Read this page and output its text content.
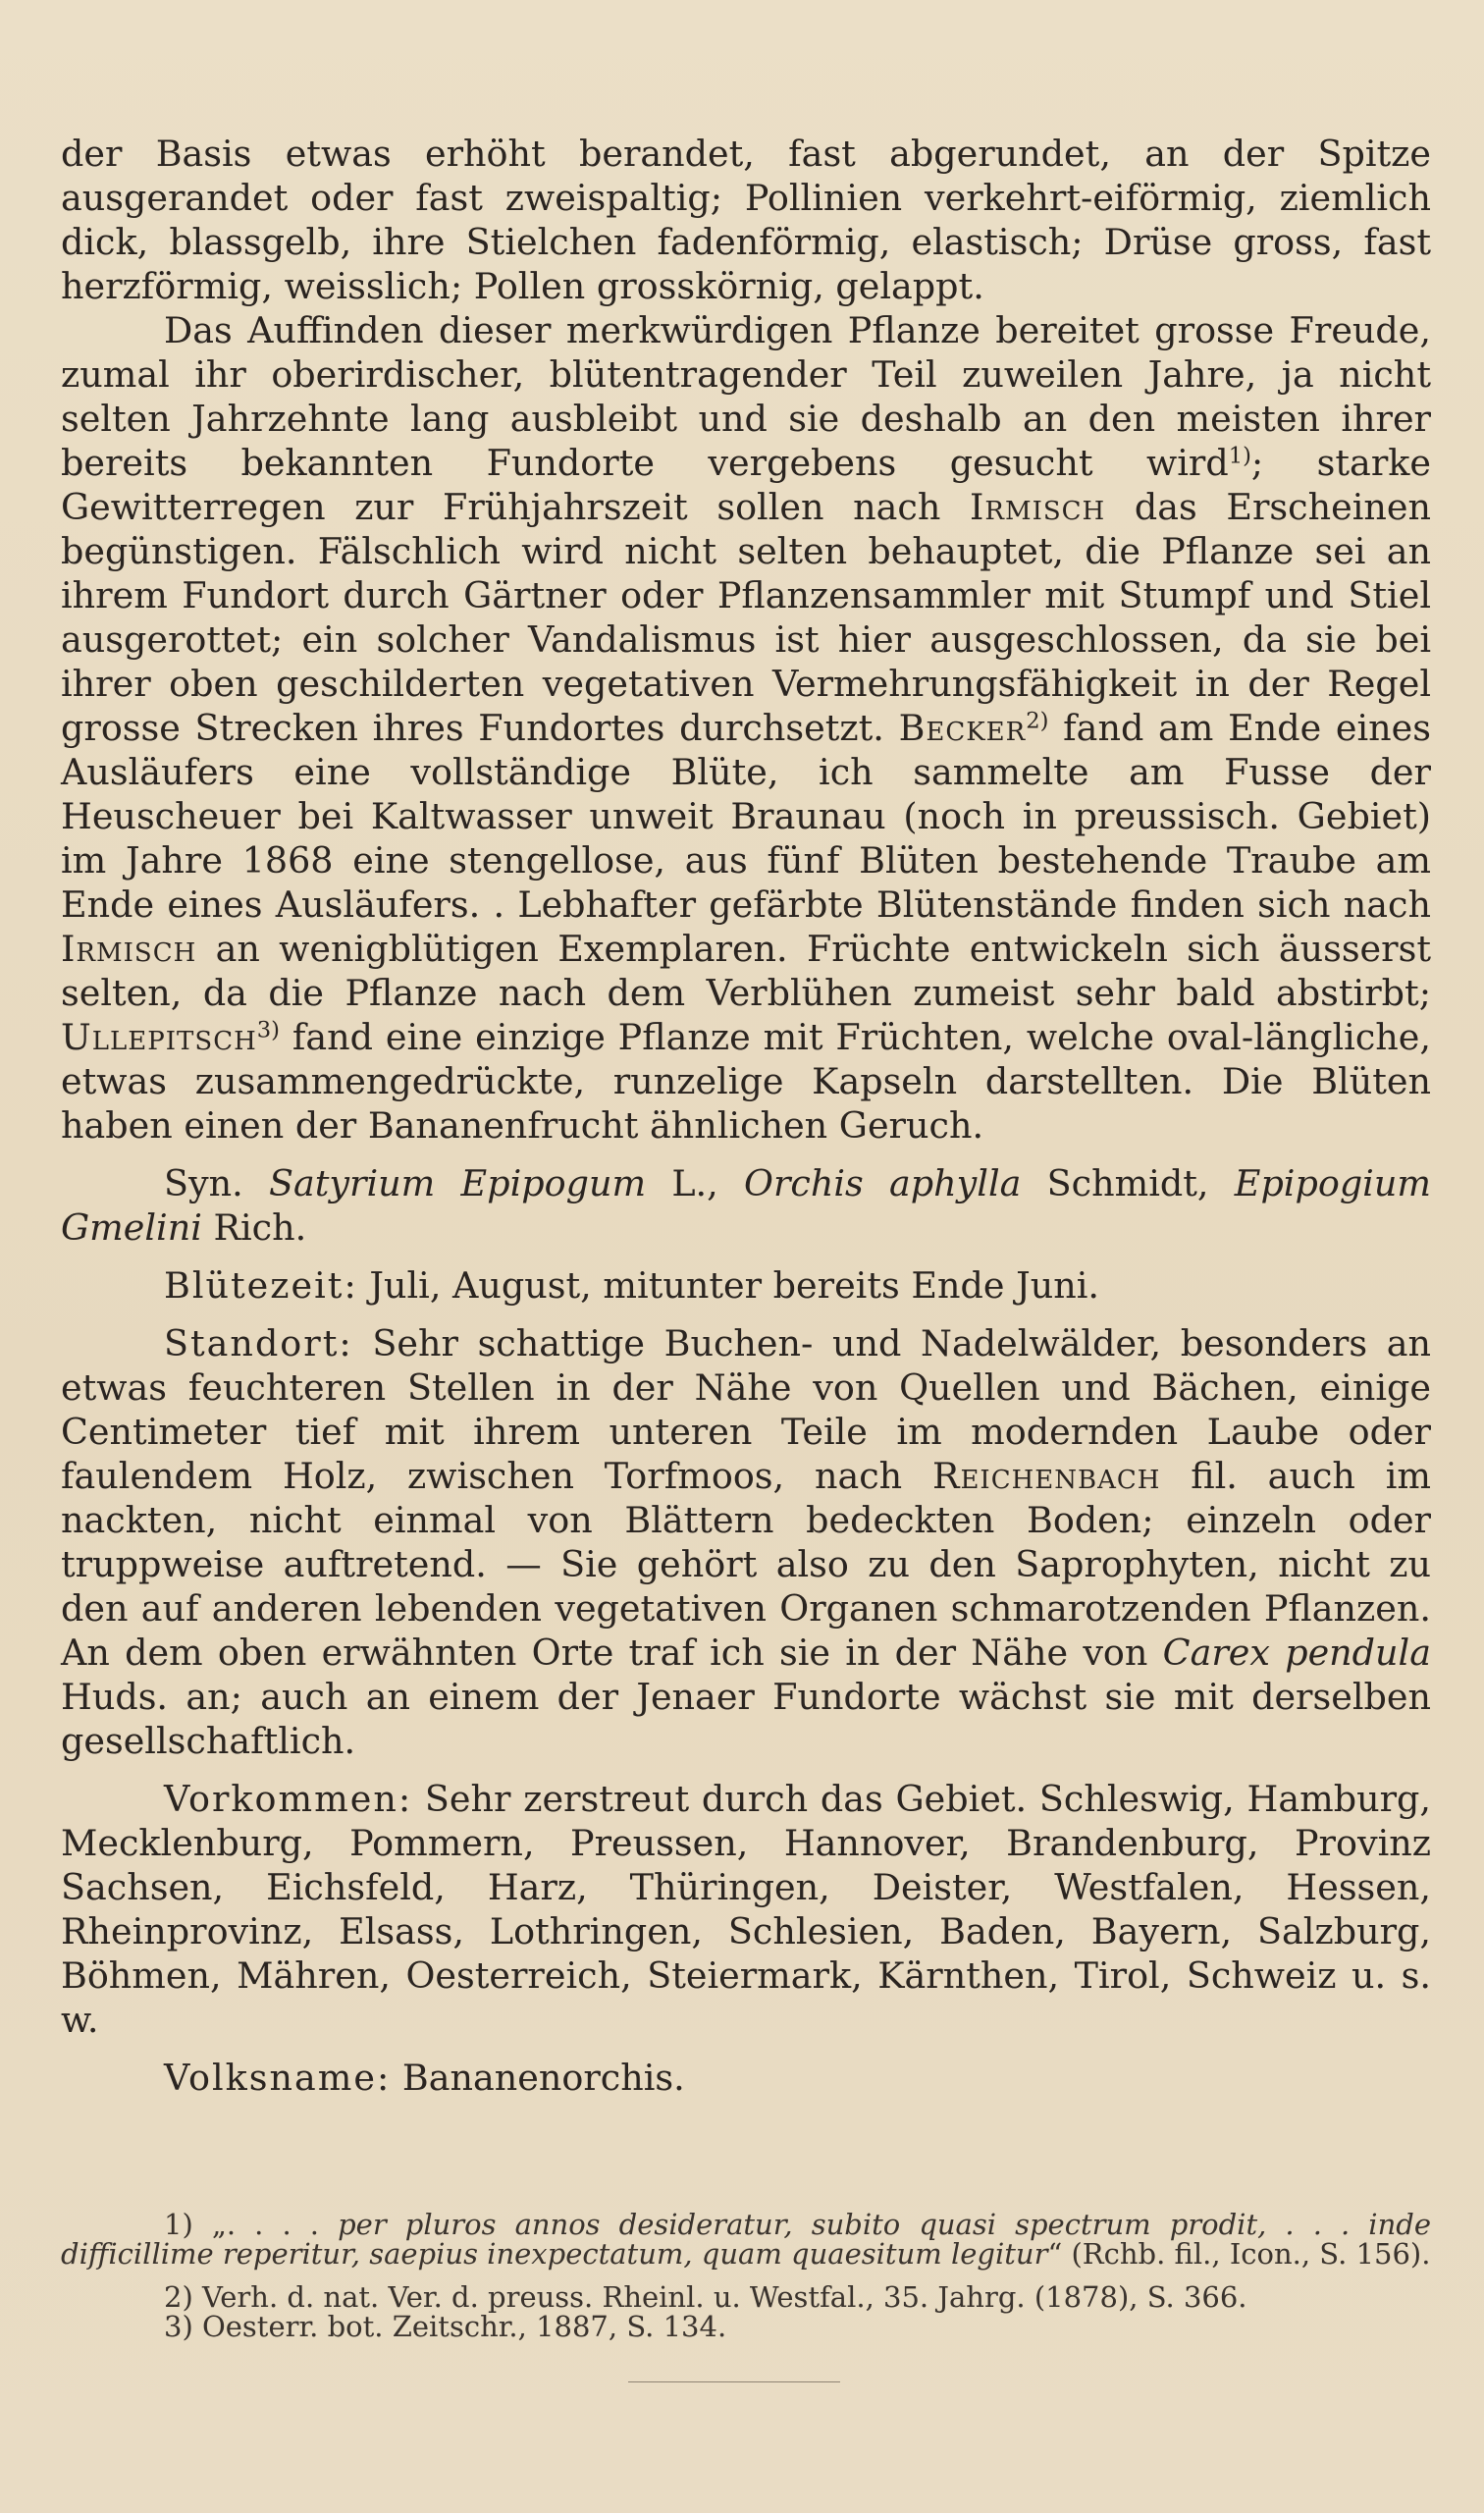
der Basis etwas erhöht berandet, fast abgerundet, an der Spitze ausgerandet oder fast zweispaltig; Pollinien verkehrt-eiförmig, ziemlich dick, blassgelb, ihre Stielchen fadenförmig, elastisch; Drüse gross, fast herzförmig, weisslich; Pollen grosskörnig, gelappt.

Das Auffinden dieser merkwürdigen Pflanze bereitet grosse Freude, zumal ihr oberirdischer, blütentragender Teil zuweilen Jahre, ja nicht selten Jahrzehnte lang ausbleibt und sie deshalb an den meisten ihrer bereits bekannten Fundorte vergebens gesucht wird$^{1)}$; starke Gewitterregen zur Frühjahrszeit sollen nach Irmisch das Erscheinen begünstigen. Fälschlich wird nicht selten behauptet, die Pflanze sei an ihrem Fundort durch Gärtner oder Pflanzensammler mit Stumpf und Stiel ausgerottet; ein solcher Vandalismus ist hier ausgeschlossen, da sie bei ihrer oben geschilderten vegetativen Vermehrungsfähigkeit in der Regel grosse Strecken ihres Fundortes durchsetzt. Becker$^{2)}$ fand am Ende eines Ausläufers eine vollständige Blüte, ich sammelte am Fusse der Heuscheuer bei Kaltwasser unweit Braunau (noch in preussisch. Gebiet) im Jahre 1868 eine stengellose, aus fünf Blüten bestehende Traube am Ende eines Ausläufers. . Lebhafter gefärbte Blütenstände finden sich nach Irmisch an wenigblütigen Exemplaren. Früchte entwickeln sich äusserst selten, da die Pflanze nach dem Verblühen zumeist sehr bald abstirbt; Ullepitsch$^{3)}$ fand eine einzige Pflanze mit Früchten, welche oval-längliche, etwas zusammengedrückte, runzelige Kapseln darstellten. Die Blüten haben einen der Bananenfrucht ähnlichen Geruch.

Syn. Satyrium Epipogum L., Orchis aphylla Schmidt, Epipogium Gmelini Rich.

Blütezeit: Juli, August, mitunter bereits Ende Juni.

Standort: Sehr schattige Buchen- und Nadelwälder, besonders an etwas feuchteren Stellen in der Nähe von Quellen und Bächen, einige Centimeter tief mit ihrem unteren Teile im modernden Laube oder faulendem Holz, zwischen Torfmoos, nach Reichenbach fil. auch im nackten, nicht einmal von Blättern bedeckten Boden; einzeln oder truppweise auftretend. — Sie gehört also zu den Saprophyten, nicht zu den auf anderen lebenden vegetativen Organen schmarotzenden Pflanzen. An dem oben erwähnten Orte traf ich sie in der Nähe von Carex pendula Huds. an; auch an einem der Jenaer Fundorte wächst sie mit derselben gesellschaftlich.

Vorkommen: Sehr zerstreut durch das Gebiet. Schleswig, Hamburg, Mecklenburg, Pommern, Preussen, Hannover, Brandenburg, Provinz Sachsen, Eichsfeld, Harz, Thüringen, Deister, Westfalen, Hessen, Rheinprovinz, Elsass, Lothringen, Schlesien, Baden, Bayern, Salzburg, Böhmen, Mähren, Oesterreich, Steiermark, Kärnthen, Tirol, Schweiz u. s. w.

Volksname: Bananenorchis.

1) „. . . . per pluros annos desideratur, subito quasi spectrum prodit, . . . inde difficillime reperitur, saepius inexpectatum, quam quaesitum legitur“ (Rchb. fil., Icon., S. 156).

2) Verh. d. nat. Ver. d. preuss. Rheinl. u. Westfal., 35. Jahrg. (1878), S. 366.

3) Oesterr. bot. Zeitschr., 1887, S. 134.
